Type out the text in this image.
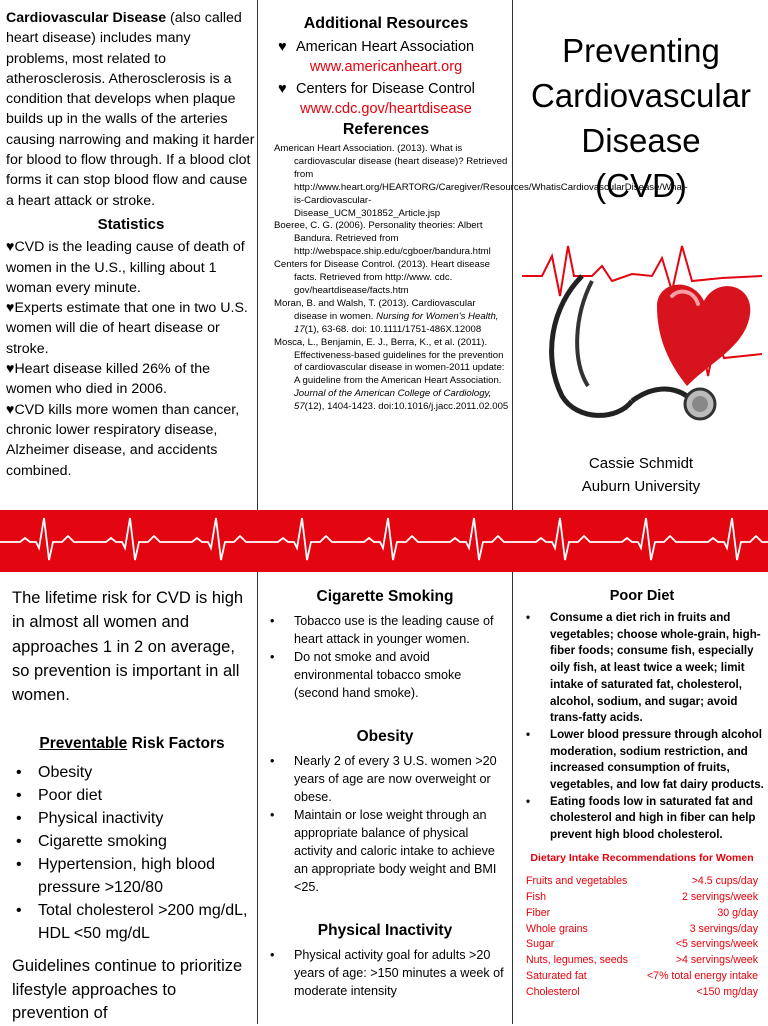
Cardiovascular Disease (also called heart disease) includes many problems, most related to atherosclerosis. Atherosclerosis is a condition that develops when plaque builds up in the walls of the arteries causing narrowing and making it harder for blood to flow through. If a blood clot forms it can stop blood flow and cause a heart attack or stroke.

Statistics

♥CVD is the leading cause of death of women in the U.S., killing about 1 woman every minute.

♥Experts estimate that one in two U.S. women will die of heart disease or stroke.

♥Heart disease killed 26% of the women who died in 2006.

♥CVD kills more women than cancer, chronic lower respiratory disease, Alzheimer disease, and accidents combined.

Additional Resources
♥ American Heart Association
www.americanheart.org
♥ Centers for Disease Control
www.cdc.gov/heartdisease
References

American Heart Association. (2013). What is cardiovascular disease (heart disease)? Retrieved from http://www.heart.org/HEARTORG/Caregiver/Resources/WhatisCardiovascularDisease/What-is-Cardiovascular-Disease_UCM_301852_Article.jsp

Boeree, C. G. (2006). Personality theories: Albert Bandura. Retrieved from http://webspace.ship.edu/cgboer/bandura.html

Centers for Disease Control. (2013). Heart disease facts. Retrieved from http://www. cdc. gov/heartdisease/facts.htm

Moran, B. and Walsh, T. (2013). Cardiovascular disease in women. Nursing for Women's Health, 17(1), 63-68. doi: 10.1111/1751-486X.12008

Mosca, L., Benjamin, E. J., Berra, K., et al. (2011). Effectiveness-based guidelines for the prevention of cardiovascular disease in women-2011 update: A guideline from the American Heart Association. Journal of the American College of Cardiology, 57(12), 1404-1423. doi:10.1016/j.jacc.2011.02.005

Preventing
Cardiovascular
Disease
(CVD)
Cassie Schmidt
Auburn University

The lifetime risk for CVD is high in almost all women and approaches 1 in 2 on average, so prevention is important in all women.

Preventable Risk Factors
• Obesity
• Poor diet
• Physical inactivity
• Cigarette smoking
• Hypertension, high blood pressure >120/80
• Total cholesterol >200 mg/dL, HDL <50 mg/dL

Guidelines continue to prioritize lifestyle approaches to prevention of

Cigarette Smoking
• Tobacco use is the leading cause of heart attack in younger women.
• Do not smoke and avoid environmental tobacco smoke (second hand smoke).
Obesity
• Nearly 2 of every 3 U.S. women >20 years of age are now overweight or obese.
• Maintain or lose weight through an appropriate balance of physical activity and caloric intake to achieve an appropriate body weight and BMI <25.
Physical Inactivity
• Physical activity goal for adults >20 years of age: >150 minutes a week of moderate intensity
Poor Diet
• Consume a diet rich in fruits and vegetables; choose whole-grain, high-fiber foods; consume fish, especially oily fish, at least twice a week; limit intake of saturated fat, cholesterol, alcohol, sodium, and sugar; avoid trans-fatty acids.
• Lower blood pressure through alcohol moderation, sodium restriction, and increased consumption of fruits, vegetables, and low fat dairy products.
• Eating foods low in saturated fat and cholesterol and high in fiber can help prevent high blood cholesterol.
Dietary Intake Recommendations for Women
Fruits and vegetables	>4.5 cups/day
Fish	2 servings/week
Fiber	30 g/day
Whole grains	3 servings/day
Sugar	<5 servings/week
Nuts, legumes, seeds	>4 servings/week
Saturated fat	<7% total energy intake
Cholesterol	<150 mg/day
